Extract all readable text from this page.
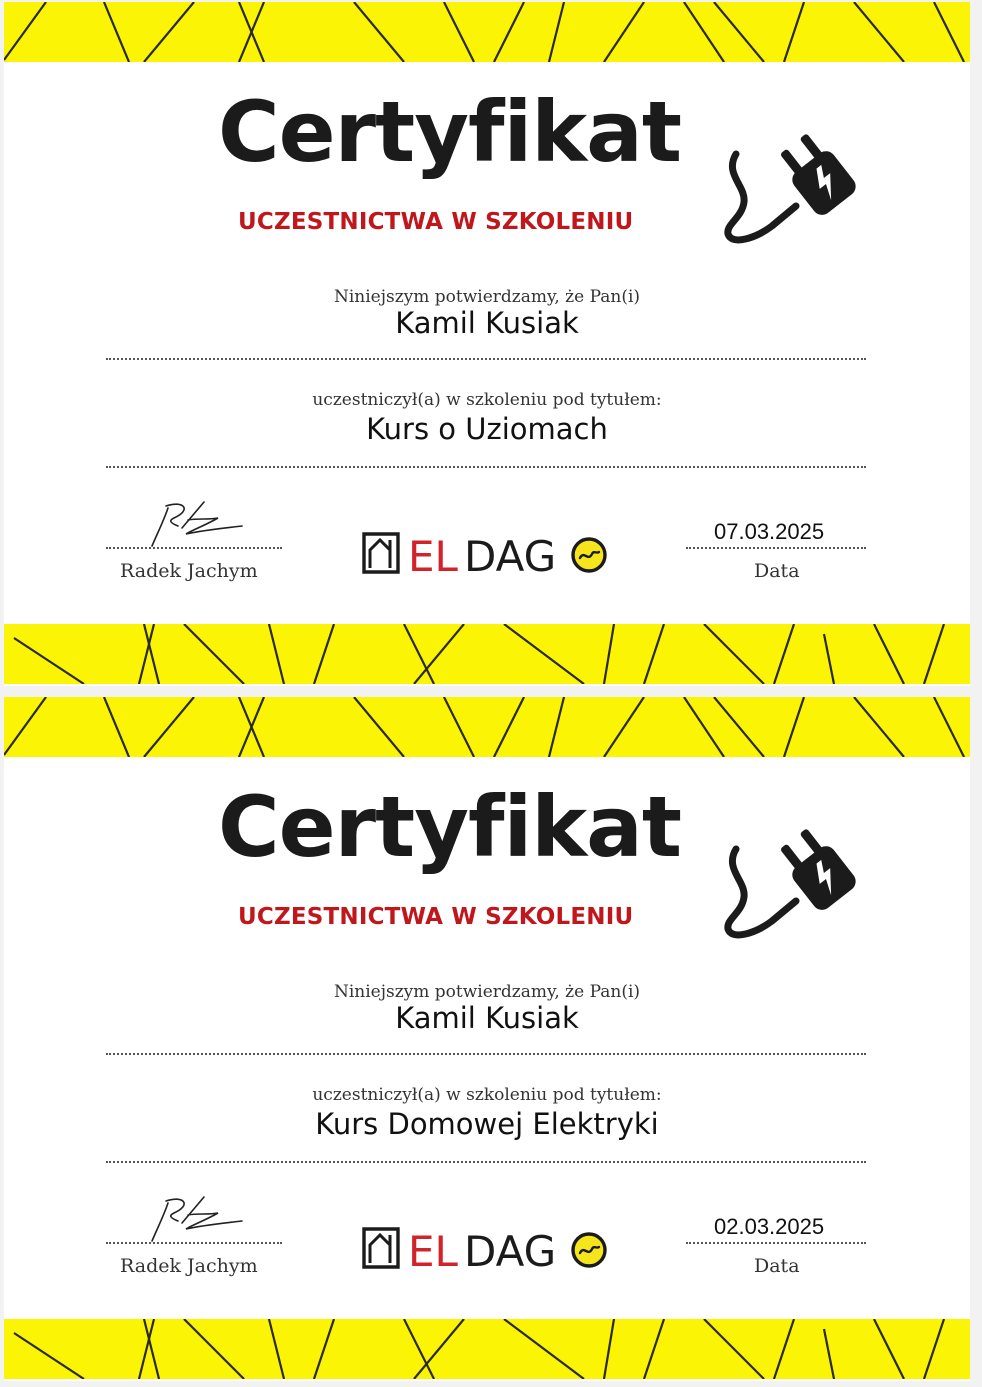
Certyfikat
UCZESTNICTWA W SZKOLENIU
Niniejszym potwierdzamy, że Pan(i)
Kamil Kusiak
uczestniczył(a) w szkoleniu pod tytułem:
Kurs o Uziomach
Radek Jachym	EL DAG
07.03.2025
Data
Certyfikat
UCZESTNICTWA W SZKOLENIU
Niniejszym potwierdzamy, że Pan(i)
Kamil Kusiak
uczestniczył(a) w szkoleniu pod tytułem:
Kurs Domowej Elektryki
Radek Jachym	EL DAG
02.03.2025
Data
